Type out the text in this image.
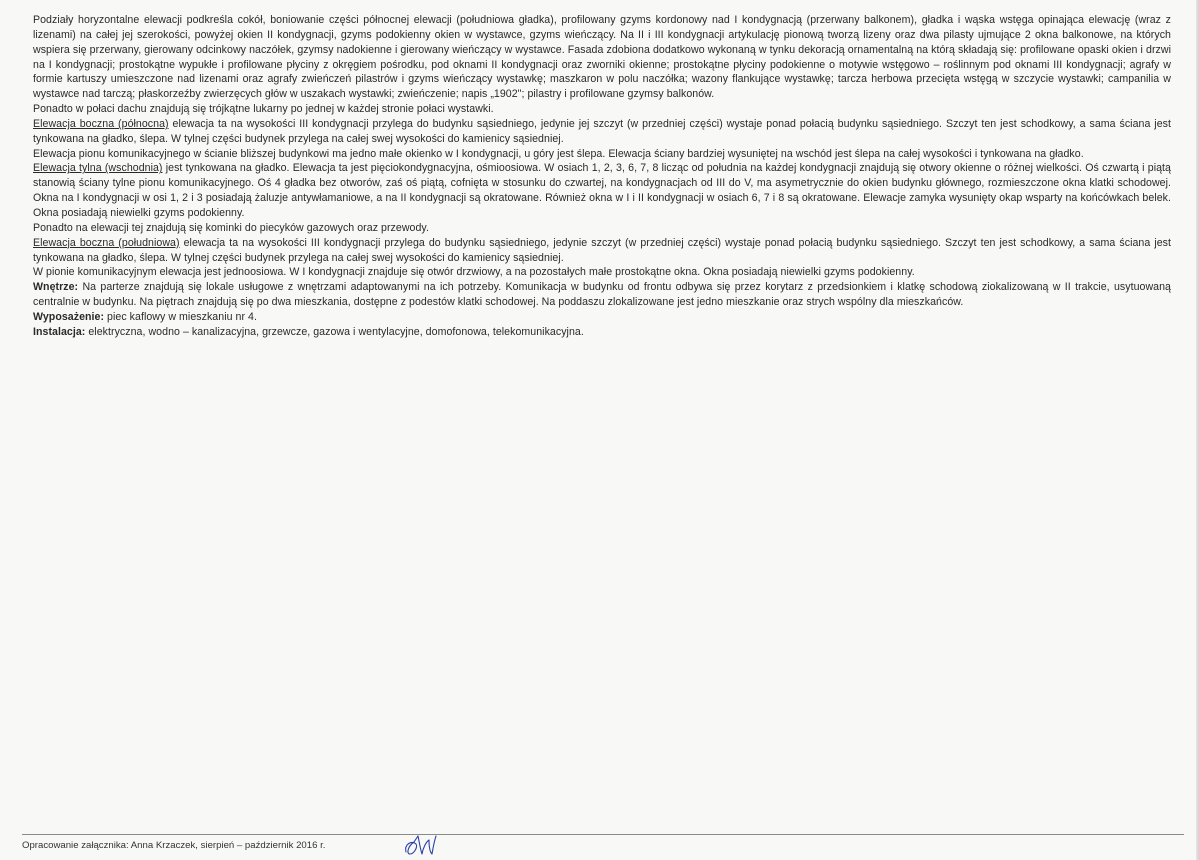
Podziały horyzontalne elewacji podkreśla cokół, boniowanie części północnej elewacji (południowa gładka), profilowany gzyms kordonowy nad I kondygnacją (przerwany balkonem), gładka i wąska wstęga opinająca elewację (wraz z lizenami) na całej jej szerokości, powyżej okien II kondygnacji, gzyms podokienny okien w wystawce, gzyms wieńczący. Na II i III kondygnacji artykulację pionową tworzą lizeny oraz dwa pilasty ujmujące 2 okna balkonowe, na których wspiera się przerwany, gierowany odcinkowy naczółek, gzymsy nadokienne i gierowany wieńczący w wystawce. Fasada zdobiona dodatkowo wykonaną w tynku dekoracją ornamentalną na którą składają się: profilowane opaski okien i drzwi na I kondygnacji; prostokątne wypukłe i profilowane płyciny z okręgiem pośrodku, pod oknami II kondygnacji oraz zworniki okienne; prostokątne płyciny podokienne o motywie wstęgowo – roślinnym pod oknami III kondygnacji; agrafy w formie kartuszy umieszczone nad lizenami oraz agrafy zwieńczeń pilastrów i gzyms wieńczący wystawkę; maszkaron w polu naczółka; wazony flankujące wystawkę; tarcza herbowa przecięta wstęgą w szczycie wystawki; campanilia w wystawce nad tarczą; płaskorzeźby zwierzęcych głów w uszakach wystawki; zwieńczenie; napis „1902"; pilastry i profilowane gzymsy balkonów.

Ponadto w połaci dachu znajdują się trójkątne lukarny po jednej w każdej stronie połaci wystawki.

Elewacja boczna (północna) elewacja ta na wysokości III kondygnacji przylega do budynku sąsiedniego, jedynie jej szczyt (w przedniej części) wystaje ponad połacią budynku sąsiedniego. Szczyt ten jest schodkowy, a sama ściana jest tynkowana na gładko, ślepa. W tylnej części budynek przylega na całej swej wysokości do kamienicy sąsiedniej.

Elewacja pionu komunikacyjnego w ścianie bliższej budynkowi ma jedno małe okienko w I kondygnacji, u góry jest ślepa. Elewacja ściany bardziej wysuniętej na wschód jest ślepa na całej wysokości i tynkowana na gładko.

Elewacja tylna (wschodnia) jest tynkowana na gładko. Elewacja ta jest pięciokondygnacyjna, ośmioosiowa. W osiach 1, 2, 3, 6, 7, 8 licząc od południa na każdej kondygnacji znajdują się otwory okienne o różnej wielkości. Oś czwartą i piątą stanowią ściany tylne pionu komunikacyjnego. Oś 4 gładka bez otworów, zaś oś piątą, cofnięta w stosunku do czwartej, na kondygnacjach od III do V, ma asymetrycznie do okien budynku głównego, rozmieszczone okna klatki schodowej. Okna na I kondygnacji w osi 1, 2 i 3 posiadają żaluzje antywłamaniowe, a na II kondygnacji są okratowane. Również okna w I i II kondygnacji w osiach 6, 7 i 8 są okratowane. Elewacje zamyka wysunięty okap wsparty na końcówkach belek. Okna posiadają niewielki gzyms podokienny.

Ponadto na elewacji tej znajdują się kominki do piecyków gazowych oraz przewody.

Elewacja boczna (południowa) elewacja ta na wysokości III kondygnacji przylega do budynku sąsiedniego, jedynie szczyt (w przedniej części) wystaje ponad połacią budynku sąsiedniego. Szczyt ten jest schodkowy, a sama ściana jest tynkowana na gładko, ślepa. W tylnej części budynek przylega na całej swej wysokości do kamienicy sąsiedniej.

W pionie komunikacyjnym elewacja jest jednoosiowa. W I kondygnacji znajduje się otwór drzwiowy, a na pozostałych małe prostokątne okna. Okna posiadają niewielki gzyms podokienny.

Wnętrze: Na parterze znajdują się lokale usługowe z wnętrzami adaptowanymi na ich potrzeby. Komunikacja w budynku od frontu odbywa się przez korytarz z przedsionkiem i klatkę schodową ziokalizowaną w II trakcie, usytuowaną centralnie w budynku. Na piętrach znajdują się po dwa mieszkania, dostępne z podestów klatki schodowej. Na poddaszu zlokalizowane jest jedno mieszkanie oraz strych wspólny dla mieszkańców.

Wyposażenie: piec kaflowy w mieszkaniu nr 4.

Instalacja: elektryczna, wodno – kanalizacyjna, grzewcze, gazowa i wentylacyjne, domofonowa, telekomunikacyjna.

Opracowanie załącznika: Anna Krzaczek, sierpień – październik 2016 r.
